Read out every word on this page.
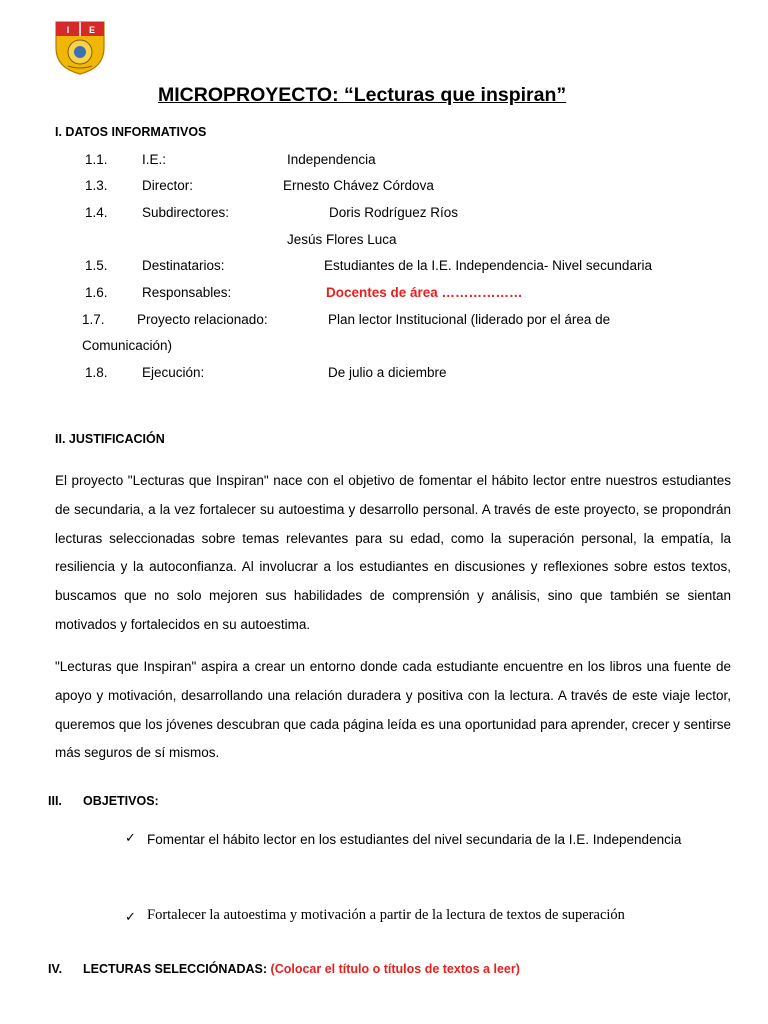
I E
MICROPROYECTO: “Lecturas que inspiran”
I. DATOS INFORMATIVOS
1.1.	I.E.:	Independencia
1.3.	Director:	Ernesto Chávez Córdova
1.4.	Subdirectores:	Doris Rodríguez Ríos
Jesús Flores Luca
1.5.	Destinatarios:	Estudiantes de la I.E. Independencia- Nivel secundaria
1.6.	Responsables:	Docentes de área ………………
1.7. Proyecto relacionado:	Plan lector Institucional (liderado por el área de
Comunicación)
1.8.	Ejecución:	De julio a diciembre
II. JUSTIFICACIÓN
El proyecto "Lecturas que Inspiran" nace con el objetivo de fomentar el hábito lector entre nuestros estudiantes de secundaria, a la vez fortalecer su autoestima y desarrollo personal. A través de este proyecto, se propondrán lecturas seleccionadas sobre temas relevantes para su edad, como la superación personal, la empatía, la resiliencia y la autoconfianza. Al involucrar a los estudiantes en discusiones y reflexiones sobre estos textos, buscamos que no solo mejoren sus habilidades de comprensión y análisis, sino que también se sientan motivados y fortalecidos en su autoestima.
"Lecturas que Inspiran" aspira a crear un entorno donde cada estudiante encuentre en los libros una fuente de apoyo y motivación, desarrollando una relación duradera y positiva con la lectura. A través de este viaje lector, queremos que los jóvenes descubran que cada página leída es una oportunidad para aprender, crecer y sentirse más seguros de sí mismos.
III. OBJETIVOS:
✓ Fomentar el hábito lector en los estudiantes del nivel secundaria de la I.E. Independencia
✓ Fortalecer la autoestima y motivación a partir de la lectura de textos de superación
IV. LECTURAS SELECCIÓNADAS: (Colocar el título o títulos de textos a leer)
